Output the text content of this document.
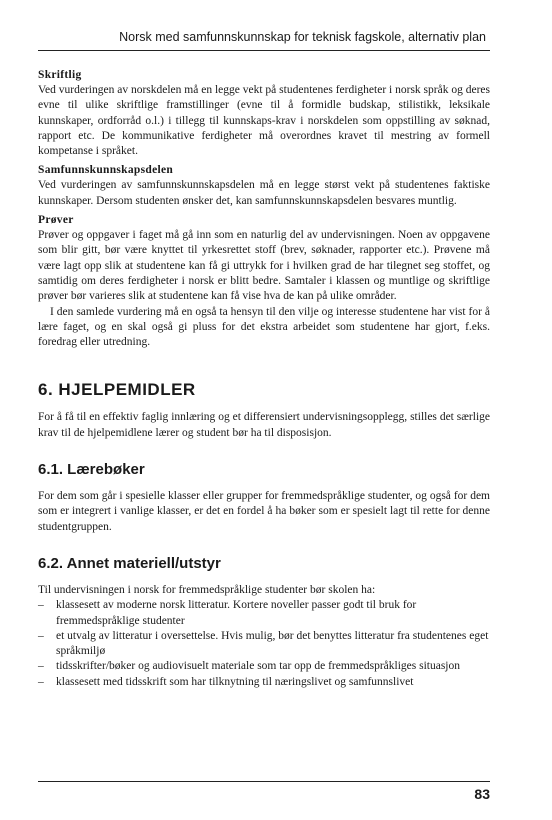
Norsk med samfunnskunnskap for teknisk fagskole, alternativ plan

Skriftlig

Ved vurderingen av norskdelen må en legge vekt på studentenes ferdigheter i norsk språk og deres evne til ulike skriftlige framstillinger (evne til å formidle budskap, stilistikk, leksikale kunnskaper, ordforråd o.l.) i tillegg til kunnskaps-krav i norskdelen som oppstilling av søknad, rapport etc. De kommunikative ferdigheter må overordnes kravet til mestring av formell kompetanse i språket.

Samfunnskunnskapsdelen

Ved vurderingen av samfunnskunnskapsdelen må en legge størst vekt på studentenes faktiske kunnskaper. Dersom studenten ønsker det, kan samfunnskunnskapsdelen besvares muntlig.

Prøver

Prøver og oppgaver i faget må gå inn som en naturlig del av undervisningen. Noen av oppgavene som blir gitt, bør være knyttet til yrkesrettet stoff (brev, søknader, rapporter etc.). Prøvene må være lagt opp slik at studentene kan få gi uttrykk for i hvilken grad de har tilegnet seg stoffet, og samtidig om deres ferdigheter i norsk er blitt bedre. Samtaler i klassen og muntlige og skriftlige prøver bør varieres slik at studentene kan få vise hva de kan på ulike områder.

I den samlede vurdering må en også ta hensyn til den vilje og interesse studentene har vist for å lære faget, og en skal også gi pluss for det ekstra arbeidet som studentene har gjort, f.eks. foredrag eller utredning.

6. HJELPEMIDLER

For å få til en effektiv faglig innlæring og et differensiert undervisningsopplegg, stilles det særlige krav til de hjelpemidlene lærer og student bør ha til disposisjon.

6.1. Lærebøker

For dem som går i spesielle klasser eller grupper for fremmedspråklige studenter, og også for dem som er integrert i vanlige klasser, er det en fordel å ha bøker som er spesielt lagt til rette for denne studentgruppen.

6.2. Annet materiell/utstyr

Til undervisningen i norsk for fremmedspråklige studenter bør skolen ha:

– klassesett av moderne norsk litteratur. Kortere noveller passer godt til bruk for fremmedspråklige studenter
– et utvalg av litteratur i oversettelse. Hvis mulig, bør det benyttes litteratur fra studentenes eget språkmiljø
– tidsskrifter/bøker og audiovisuelt materiale som tar opp de fremmedspråkliges situasjon
– klassesett med tidsskrift som har tilknytning til næringslivet og samfunnslivet
83
